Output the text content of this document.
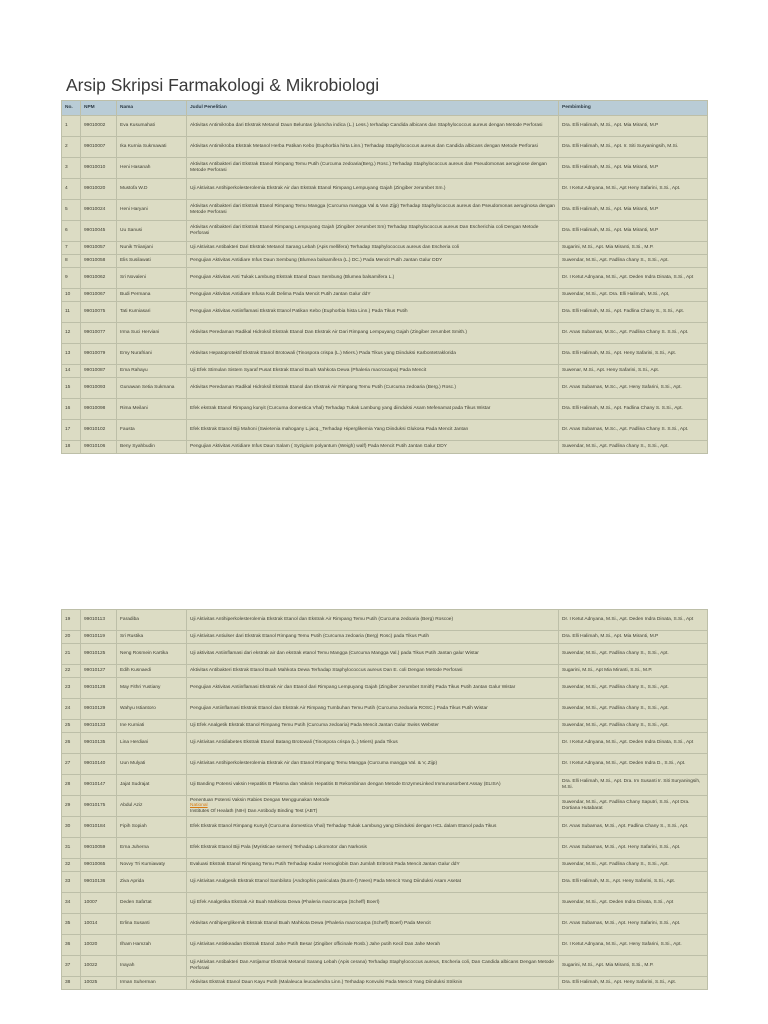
Arsip Skripsi Farmakologi & Mikrobiologi
No.	NPM	Nama	Judul Penelitian	Pembimbing
1	99010002	Eva Kusumahati	Aktivitas Antimikroba dari Ekstrak Metanol Daun Beluntas (pluncha indica (L.) Less.) terhadap Candida albicans dan Staphylococcus aureus dengan Metode Perforasi	Dra. Elli Halimah, M.Si., Apt. Mia Miranti, M.P
2	99010007	Ika Kurnia Sukmawati	Aktivitas Antimikroba Ekstrak Metanol Herba Patikan Kebo (Euphorbia hirta Linn.) Terhadap Staphylococcus aureus dan Candida albicans dengan Metode Perforasi	Dra. Elli Halimah, M.Si., Apt. Ir. Siti Suryaningsih, M.Si.
3	99010010	Heni Hasanah	Aktivitas Antibakteri dari Ekstrak Etanol Rimpang Temu Putih (Curcuma zedoaria(Berg.) Rosc.) Terhadap Staphylococcus aureus dan Pseudomonas aeruginose dengan Metode Perforasi	Dra. Elli Halimah, M.Si., Apt. Mia Miranti, M.P
4	99010020	Mustofa W.D	Uji Aktivitas Antihiperkolesterolemia Ekstrak Air dan Ekstrak Etanol Rimpang Lempuyang Gajah (Zingiber zerumbet Sm.)	Dr. I Ketut Adnyana, M.Si., Apt Heny Safarini, S.Si., Apt.
5	99010024	Heni Haryani	Aktivitas Antibakteri dari Ekstrak Etanol Rimpang Temu Mangga (Curcuma mangga Val & Van Zijp) Terhadap Staphylococcus aureus dan Pseudomonas aeruginosa dengan Metode Perforasi	Dra. Elli Halimah, M.Si., Apt. Mia Miranti, M.P
6	99010045	Uu Sanusi	Aktivitas Antibakteri dari Ekstrak Etanol Rimpang Lempuyang Gajah (Zingiber zerumbet Sm) Terhadap Staphylococcus aureus Dan Escherichia coli Dengan Metode Perforasi	Dra. Elli Halimah, M.Si., Apt. Mia Miranti, M.P
7	99010057	Nunik Triianjani	Uji Aktivitas Antibakteri Dari Ekstrak Metanol Sarang Lebah (Apis mellifera) Terhadap Staphylococcus aureus dan Escheria coli	Sugarini, M.Si., Apt. Mia Miranti, S.Si., M.P.
8	99010058	Elis Susilawati	Pengujian Aktivitas Antidiare Infus Daun Sembung (Blumea balsamifera (L.) DC.) Pada Mencit Putih Jantan Galur DDY	Suwendar, M.Si., Apt. Fadlina chany S., S.Si., Apt.
9	99010062	Sri Novaleni	Pengujian Aktivitas Anti Tukak Lambung Ekstrak Etanol Daun Sembung (Blumea balsamifera L.)	Dr. I Ketut Adnyana, M.Si., Apt. Deden Indra Dinata, S.Si., Apt
10	99010067	Budi Permana	Pengujian Aktivitas Antidiare Infusa Kulit Delima Pada Mencit Putih Jantan Galur ddY	Suwendar, M.Si., Apt. Dra. Elli Halimah, M.Si., Apt,
11	99010075	Tati Kurniasari	Pengujian Aktivitas Antiinflamasi Ekstrak Etanol Patikan Kebo (Euphorbia hista Linn.) Pada Tikus Putih	Dra. Elli Halimah, M.Si., Apt. Fadlina Chany S., S.Si., Apt.
12	99010077	Irma Suci Herviani	Aktivitas Peredaman Radikal Hidroksil Ekstrak Etanol Dan Ekstrak Air Dari Rimpang Lempuyang Gajah (Zingiber zerumbet Smith.)	Dr. Anas Subarnas, M.Sc., Apt. Fadlina Chany S. S.Si., Apt.
13	99010079	Emy Nurafriani	Aktivitas Hepatoprotektif Ekstrak Etanol Brotowali (Tinospora crispa (L.) Miers.) Pada Tikus yang Diinduksi Karbontetraklorida	Dra. Elli Halimah, M.Si., Apt. Heny Safarini, S.Si., Apt.
14	99010087	Ema Rahayu	Uji Efek Stimulan Sistem Syaraf Pusat Ekstrak Etanol Buah Mahkota Dewa (Phaleria macrocarpa) Pada Mencit	Suwenar, M.Si., Apt. Heny Safarini, S.Si., Apt.
15	99010093	Gunawan Setia Sukmana	Aktivitas Peredaman Radikal Hidroksil Ekstrak Etanol dan Ekstrak Air Rimpang Temu Putih (Curcuma zedoaria (Berg.) Rosc.)	Dr. Anas Subarnas, M.Sc., Apt. Heny Safarini, S.Si., Apt.
16	99010098	Rima Meilani	Efek ekstrak Etanol Rimpang kunyit (Curcuma domestica Vhal) Terhadap Tukak Lambung yang diinduksi Asam Mefenamat pada Tikus Wistar	Dra. Elli Halimah, M.Si., Apt. Fadlina Chany S. S.Si., Apt.
17	99010102	Fausta	Efek Ekstrak Etanol Biji Mahoni (Swietenia mahogany L.jacq._Terhadap Hiperglikemia Yang Diinduksi Glukosa Pada Mencit Jantan	Dr. Anas Subarnas, M.Sc., Apt. Fadlina Chany S. S.Si., Apt.
18	99010106	Beny Syahbudin	Pengujian Aktivitas Antidiare Infus Daun Salam ( Syzigium polyantum (Weigh) walf) Pada Mencit Putih Jantan Galur DDY	Suwendar, M.Si., Apt. Fadlina chany S., S.Si., Apt.
19	99010113	Faradiba	Uji Aktivitas Antihiperkolesterolemia Ekstrak Etanol dan Ekstrak Air Rimpang Temu Putih (Curcuma zedoaria (Berg) Roscoe)	Dr. I Ketut Adnyana, M.Si., Apt. Deden Indra Dinata, S.Si., Apt
20	99010119	Sri Rustika	Uji Aktivitas Antiulser dari Ekstrak Etanol Rimpang Temu Putih (Curcuma zedoaria (Berg) Rosc) pada Tikus Putih	Dra. Elli Halimah, M.Si., Apt. Mia Miranti, M.P
21	99010125	Neng Rosmein Kartika	Uji aktivitas Antiinflamasi dari ekstrak air dan ekstrak etanol Temu Mangga (Curcuma Mangga Val.) pada Tikus Putih Jantan galur Wistar	Suwendar, M.Si., Apt. Fadlina chany S., S.Si., Apt.
22	99010127	Edih Kusnaedi	Aktivitas Antibakteri Ekstrak Etanol Buah Mahkota Dewa Terhadap Staphylococcus aureus Dan E. coli Dengan Metode Perforasi	Sugarini, M.Si., Apt Mia Miranti, S.Si., M.P.
23	99010128	May Fithri Yustiany	Pengujian Aktivitas Antiinflamasi Ekstrak Air dan Etanol dari Rimpang Lempuyang Gajah (Zingiber zerumbet Smith) Pada Tikus Putih Jantan Galur Wistar	Suwendar, M.Si., Apt. Fadlina chany S., S.Si., Apt.
24	99010129	Wahyu Istiantoro	Pengujian Antiinflamasi Ekstrak Etanol dan Ekstrak Air Rimpang Tumbuhan Temu Putih (Curcuma zedoaria ROSC.) Pada Tikus Putih Wistar	Suwendar, M.Si., Apt. Fadlina chany S., S.Si., Apt.
25	99010133	Ine Kurniati	Uji Efek Analgetik Ekstrak Etanol Rimpang Temu Putih (Curcuma zedoaria) Pada Mencit Jantan Galur Swiss Webster	Suwendar, M.Si., Apt. Fadlina chany S., S.Si., Apt.
26	99010135	Lina Herdiani	Uji Aktivitas Antidiabetes Ekstrak Etanol Batang Brotowali (Tinospora crispa (L.) Miers) pada Tikus	Dr. I Ketut Adnyana, M.Si., Apt. Deden Indra Dinata, S.Si., Apt
27	99010140	Uun Mulyati	Uji Aktivitas Antihiperkolesterolemia Ekstrak Air dan Etanol Rimpang Temu Mangga (Curcuma mangga Val. & V,.Zijp)	Dr. I Ketut Adnyana, M.Si., Apt. Deden Indra D., S.Si., Apt.
28	99010147	Jajat Sudrajat	Uji Banding Potensi vaksin Hepatitis B Plasma dan Vaksin Hepatitis B Rekombinan dengan Metode EnzymeLinked Immunosorbent Assay (ELISA)	Dra. Elli Halimah, M.Si., Apt. Dra. Im Susanti Ir. Siti Suryaningsih, M.Si.
29	99010175	Abdul Aziz	Penentuan Potensi Vaksin Rabies Dengan Menggunakan Metode
National
Institutes Of Healath (NIH) Dan Antibody Binding Test (ABT)	Suwendar, M.Si., Apt. Fadlina Chany Saputri, S.Si., Apt Dra. Dortiana Hutabarat
30	99010184	Fipih Sopiah	Efek Ekstrak Etanol Rimpang Kunyit (Curcuma domestica Vhal) Terhadap Tukak Lambung yang Diinduksi dengan HCL dalam Etanol pada Tikus	Dr. Anas Subarnas, M.Si., Apt. Fadlina Chany S., S.Si., Apt.
31	99010059	Erna Juherna	Efek Ekstrak Etanol Biji Pala (Myristicae semen) Terhadap Lokomotor dan Narkosis	Dr. Anas Subarnas, M.Si., Apt. Heny Safarini, S.Si., Apt.
32	99010065	Novvy Tri Kurniawaty	Evaluasi Ekstrak Etanol Rimpang Temu Putih Terhadap Kadar Hemoglobin Dan Jumlah Eritrosit Pada Mencit Jantan Galur ddY	Suwendar, M.Si., Apt. Fadlina chany S., S.Si., Apt.
33	99010136	Ziva Aprida	Uji Aktivitas Analgesik Ekstrak Etanol Sambiloto (Androphis paniculata (Burm-f) Nees) Pada Mencit Yang Diinduksi Asam Asetat	Dra. Elli Halimah, M.S., Apt. Heny Safarini, S.Si., Apt.
34	10007	Deden Safa'tat	Uji Efek Analgetika Ekstrak Air Buah Mahkota Dewa (Phaleria macrocarpa (Scheff) Boerl)	Suwendar, M.Si., Apt. Deden Indra Dinata, S.Si., Apt
35	10014	Erlina Susanti	Aktivitas Antihiperglikemik Ekstrak Etanol Buah Mahkota Dewa (Phaleria macrocarpa (Scheff) Boerl) Pada Mencit	Dr. Anas Subarnas, M.Si., Apt. Heny Safarini, S.Si., Apt.
36	10020	Ilham Hamzah	Uji Aktivitas Antiskeadan Ekstrak Etanol Jahe Putih Besar (Zingiber officinale Rosb.) Jahe putih Kecil Dan Jahe Merah	Dr. I Ketut Adnyana, M.Si., Apt. Heny Safarini, S.Si., Apt.
37	10022	Inayah	Uji Aktivitas Antibakteri Dan Antijamur Ekstrak Metanol Sarang Lebah (Apis cerana) Terhadap Staphylococcus aureus, Escheria coli, Dan Candida albicans Dengan Metode Perforasi	Sugarini, M.Si., Apt. Mia Miranti, S.Si., M.P.
38	10025	Irman Suherman	Aktivitas Ekstrak Etanol Daun Kayu Putih (Malaleuca leucadendra Linn.) Terhadap Konvulsi Pada Mencit Yang Diinduksi Striknin	Dra. Elli Halimah, M.Si., Apt. Heny Safarini, S.Si., Apt.
